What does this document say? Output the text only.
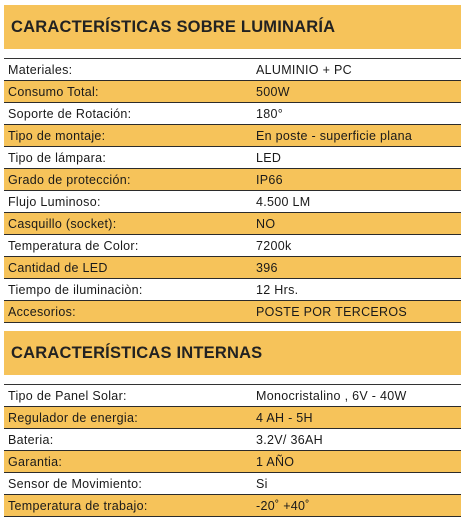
CARACTERÍSTICAS SOBRE LUMINARÍA
Materiales:	ALUMINIO + PC
Consumo Total:	500W
Soporte de Rotación:	180°
Tipo de montaje:	En poste - superficie plana
Tipo de lámpara:	LED
Grado de protección:	IP66
Flujo Luminoso:	4.500 LM
Casquillo (socket):	NO
Temperatura de Color:	7200k
Cantidad de LED	396
Tiempo de iluminaciòn:	12 Hrs.
Accesorios:	POSTE POR TERCEROS
CARACTERÍSTICAS INTERNAS
Tipo de Panel Solar:	Monocristalino , 6V - 40W
Regulador de energia:	4 AH - 5H
Bateria:	3.2V/ 36AH
Garantia:	1 AÑO
Sensor de Movimiento:	Si
Temperatura de trabajo:	-20˚ +40˚
